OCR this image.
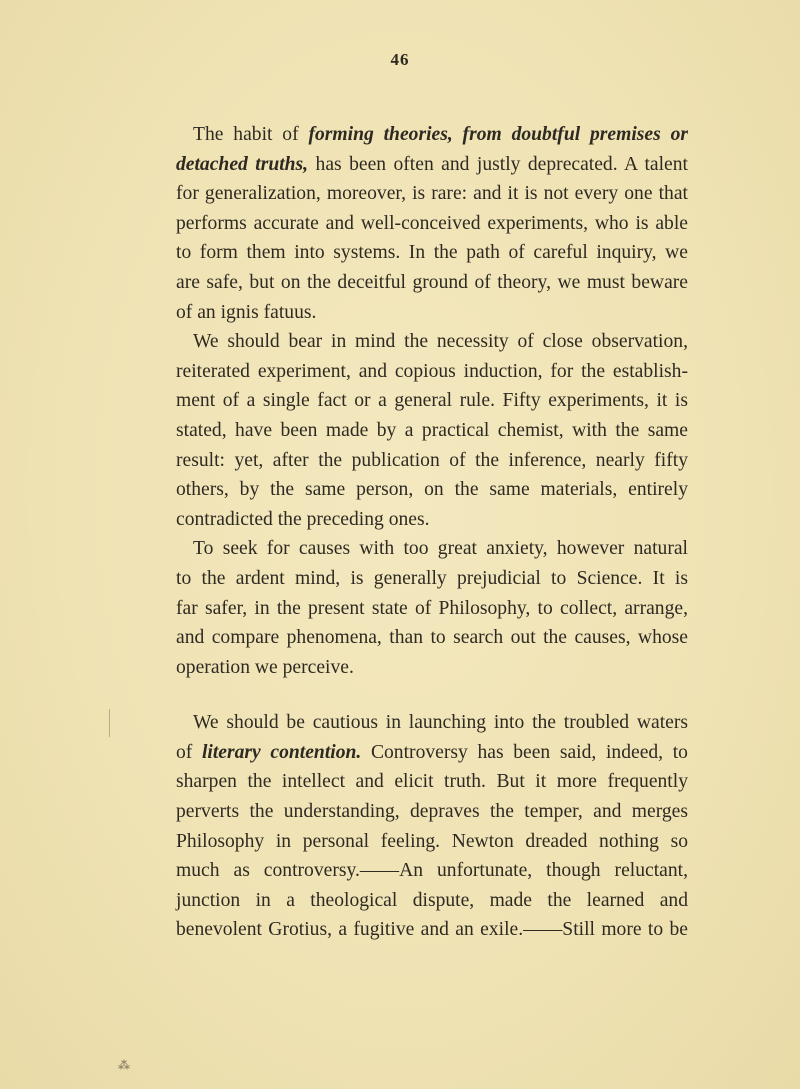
46
The habit of forming theories, from doubtful premises or
detached truths, has been often and justly deprecated. A talent
for generalization, moreover, is rare: and it is not every one that
performs accurate and well-conceived experiments, who is able
to form them into systems. In the path of careful inquiry, we
are safe, but on the deceitful ground of theory, we must beware
of an ignis fatuus.
We should bear in mind the necessity of close observation,
reiterated experiment, and copious induction, for the establish-
ment of a single fact or a general rule. Fifty experiments, it is
stated, have been made by a practical chemist, with the same
result: yet, after the publication of the inference, nearly fifty
others, by the same person, on the same materials, entirely
contradicted the preceding ones.
To seek for causes with too great anxiety, however natural
to the ardent mind, is generally prejudicial to Science. It is
far safer, in the present state of Philosophy, to collect, arrange,
and compare phenomena, than to search out the causes, whose
operation we perceive.
We should be cautious in launching into the troubled waters
of literary contention. Controversy has been said, indeed, to
sharpen the intellect and elicit truth. But it more frequently
perverts the understanding, depraves the temper, and merges
Philosophy in personal feeling. Newton dreaded nothing so
much as controversy.——An unfortunate, though reluctant,
junction in a theological dispute, made the learned and
benevolent Grotius, a fugitive and an exile.——Still more to be
⁂
